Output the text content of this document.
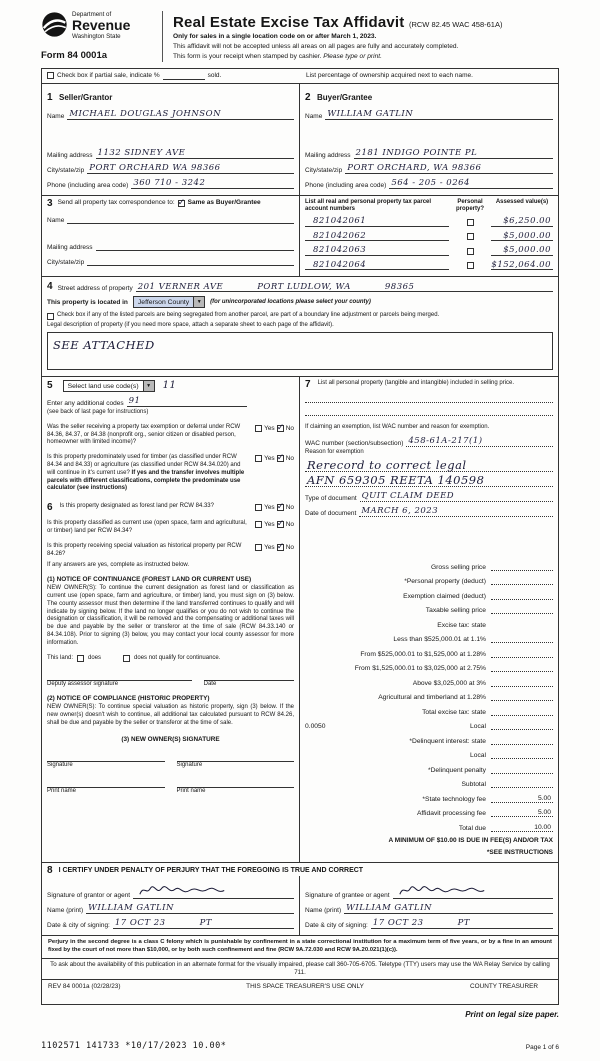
Department of
Revenue
Washington State
Form 84 0001a
Real Estate Excise Tax Affidavit (RCW 82.45 WAC 458-61A)
Only for sales in a single location code on or after March 1, 2023.
This affidavit will not be accepted unless all areas on all pages are fully and accurately completed.
This form is your receipt when stamped by cashier. Please type or print.
Check box if partial sale, indicate %	sold.	List percentage of ownership acquired next to each name.
1 Seller/Grantor
Name MICHAEL DOUGLAS JOHNSON
Mailing address 1132 SIDNEY AVE
City/state/zip PORT ORCHARD WA 98366
Phone (including area code) 360 710 - 3242
2 Buyer/Grantee
Name WILLIAM GATLIN
Mailing address 2181 INDIGO POINTE PL
City/state/zip PORT ORCHARD, WA 98366
Phone (including area code) 564 - 205 - 0264
3 Send all property tax correspondence to: ✓ Same as Buyer/Grantee
Name
Mailing address
City/state/zip
List all real and personal property tax parcel account numbers
Personal property?
Assessed value(s)
821042061	$6,250.00
821042062	$5,000.00
821042063	$5,000.00
821042064	$152,064.00
4 Street address of property 201 VERNER AVE	PORT LUDLOW, WA	98365
This property is located in	Jefferson County	▼	(for unincorporated locations please select your county)
Check box if any of the listed parcels are being segregated from another parcel, are part of a boundary line adjustment or parcels being merged.
Legal description of property (if you need more space, attach a separate sheet to each page of the affidavit).
SEE ATTACHED
5	Select land use code(s)	▼ 11
Enter any additional codes 91
(see back of last page for instructions)
Was the seller receiving a property tax exemption or deferral under RCW 84.36, 84.37, or 84.38 (nonprofit org., senior citizen or disabled person, homeowner with limited income)?
Yes ✓ No
Is this property predominately used for timber (as classified under RCW 84.34 and 84.33) or agriculture (as classified under RCW 84.34.020) and will continue in it's current use? If yes and the transfer involves multiple parcels with different classifications, complete the predominate use calculator (see instructions)
Yes ✓ No
6 Is this property designated as forest land per RCW 84.33?	Yes ✓ No
Is this property classified as current use (open space, farm and agricultural, or timber) land per RCW 84.34?
Yes ✓ No
Is this property receiving special valuation as historical property per RCW 84.26?
Yes ✓ No
If any answers are yes, complete as instructed below.
(1) NOTICE OF CONTINUANCE (FOREST LAND OR CURRENT USE)
NEW OWNER(S): To continue the current designation as forest land or classification as current use (open space, farm and agriculture, or timber) land, you must sign on (3) below. The county assessor must then determine if the land transferred continues to qualify and will indicate by signing below. If the land no longer qualifies or you do not wish to continue the designation or classification, it will be removed and the compensating or additional taxes will be due and payable by the seller or transferor at the time of sale (RCW 84.33.140 or 84.34.108). Prior to signing (3) below, you may contact your local county assessor for more information.
This land:	does	does not qualify for continuance.
Deputy assessor signature	Date
(2) NOTICE OF COMPLIANCE (HISTORIC PROPERTY)
NEW OWNER(S): To continue special valuation as historic property, sign (3) below. If the new owner(s) doesn't wish to continue, all additional tax calculated pursuant to RCW 84.26, shall be due and payable by the seller or transferor at the time of sale.
(3) NEW OWNER(S) SIGNATURE
Signature	Signature
Print name	Print name
7 List all personal property (tangible and intangible) included in selling price.
If claiming an exemption, list WAC number and reason for exemption.
WAC number (section/subsection) 458-61A-217(1)
Reason for exemption
Rerecord to correct legal
AFN 659305 REETA 140598
Type of document QUIT CLAIM DEED
Date of document MARCH 6, 2023
Gross selling price
*Personal property (deduct)
Exemption claimed (deduct)
Taxable selling price
Excise tax: state
Less than $525,000.01 at 1.1%
From $525,000.01 to $1,525,000 at 1.28%
From $1,525,000.01 to $3,025,000 at 2.75%
Above $3,025,000 at 3%
Agricultural and timberland at 1.28%
Total excise tax: state
0.0050	Local
*Delinquent interest: state
Local
*Delinquent penalty
Subtotal
*State technology fee	5.00
Affidavit processing fee	5.00
Total due	10.00
A MINIMUM OF $10.00 IS DUE IN FEE(S) AND/OR TAX
*SEE INSTRUCTIONS
8 I CERTIFY UNDER PENALTY OF PERJURY THAT THE FOREGOING IS TRUE AND CORRECT
Signature of grantor or agent
Name (print) WILLIAM GATLIN
Date & city of signing: 17 OCT 23	PT
Signature of grantee or agent
Name (print) WILLIAM GATLIN
Date & city of signing: 17 OCT 23	PT
Perjury in the second degree is a class C felony which is punishable by confinement in a state correctional institution for a maximum term of five years, or by a fine in an amount fixed by the court of not more than $10,000, or by both such confinement and fine (RCW 9A.72.030 and RCW 9A.20.021(1)(c)).
To ask about the availability of this publication in an alternate format for the visually impaired, please call 360-705-6705. Teletype (TTY) users may use the WA Relay Service by calling 711.
REV 84 0001a (02/28/23)	THIS SPACE TREASURER'S USE ONLY	COUNTY TREASURER
Print on legal size paper.
1102571 141733 *10/17/2023 10.00*	Page 1 of 6
